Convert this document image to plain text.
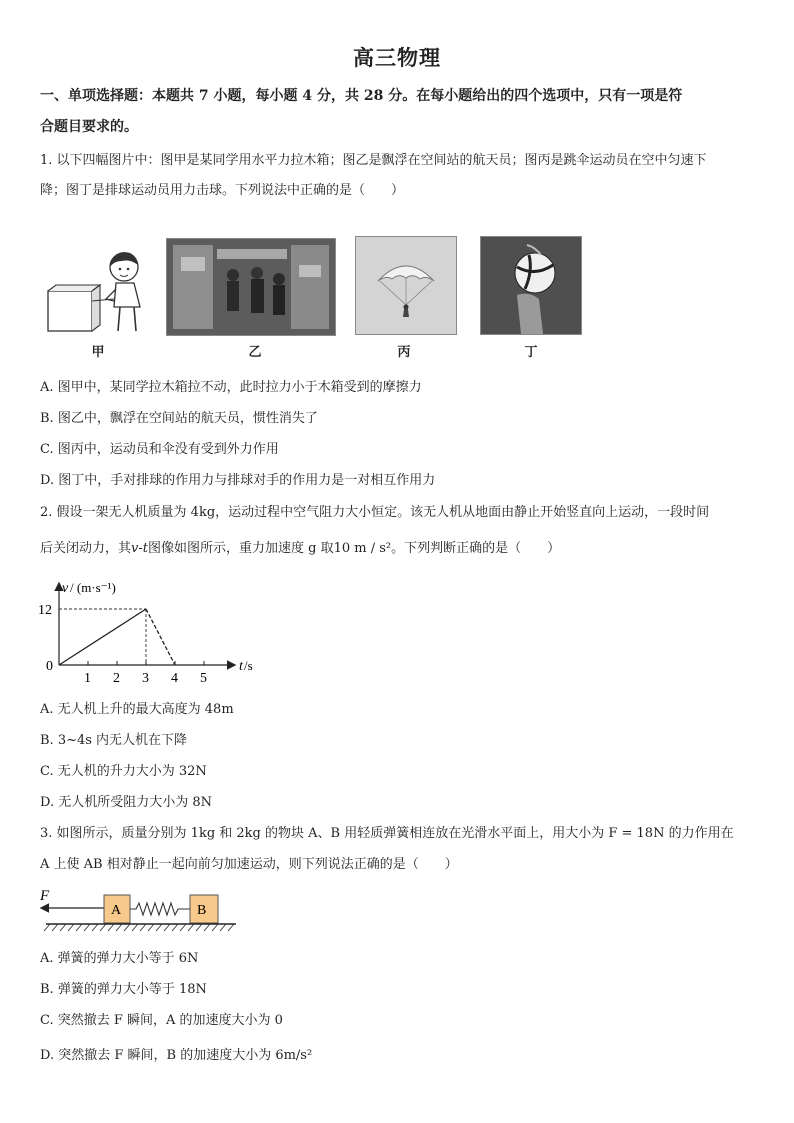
高三物理
一、单项选择题：本题共 7 小题，每小题 4 分，共 28 分。在每小题给出的四个选项中，只有一项是符
合题目要求的。
1. 以下四幅图片中：图甲是某同学用水平力拉木箱；图乙是飘浮在空间站的航天员；图丙是跳伞运动员在空中匀速下
降；图丁是排球运动员用力击球。下列说法中正确的是（　　）
甲	乙	丙	丁
A. 图甲中，某同学拉木箱拉不动，此时拉力小于木箱受到的摩擦力
B. 图乙中，飘浮在空间站的航天员，惯性消失了
C. 图丙中，运动员和伞没有受到外力作用
D. 图丁中，手对排球的作用力与排球对手的作用力是一对相互作用力
2. 假设一架无人机质量为 4kg，运动过程中空气阻力大小恒定。该无人机从地面由静止开始竖直向上运动，一段时间
后关闭动力，其v-t图像如图所示，重力加速度 g 取10 m / s²。下列判断正确的是（　　）
v / (m·s⁻¹)
t /s
0
12
1 2 3 4 5
A. 无人机上升的最大高度为 48m
B. 3~4s 内无人机在下降
C. 无人机的升力大小为 32N
D. 无人机所受阻力大小为 8N
3. 如图所示，质量分别为 1kg 和 2kg 的物块 A、B 用轻质弹簧相连放在光滑水平面上，用大小为 F = 18N 的力作用在
A 上使 AB 相对静止一起向前匀加速运动，则下列说法正确的是（　　）
F
A	B
A. 弹簧的弹力大小等于 6N
B. 弹簧的弹力大小等于 18N
C. 突然撤去 F 瞬间，A 的加速度大小为 0
D. 突然撤去 F 瞬间，B 的加速度大小为 6m/s²
